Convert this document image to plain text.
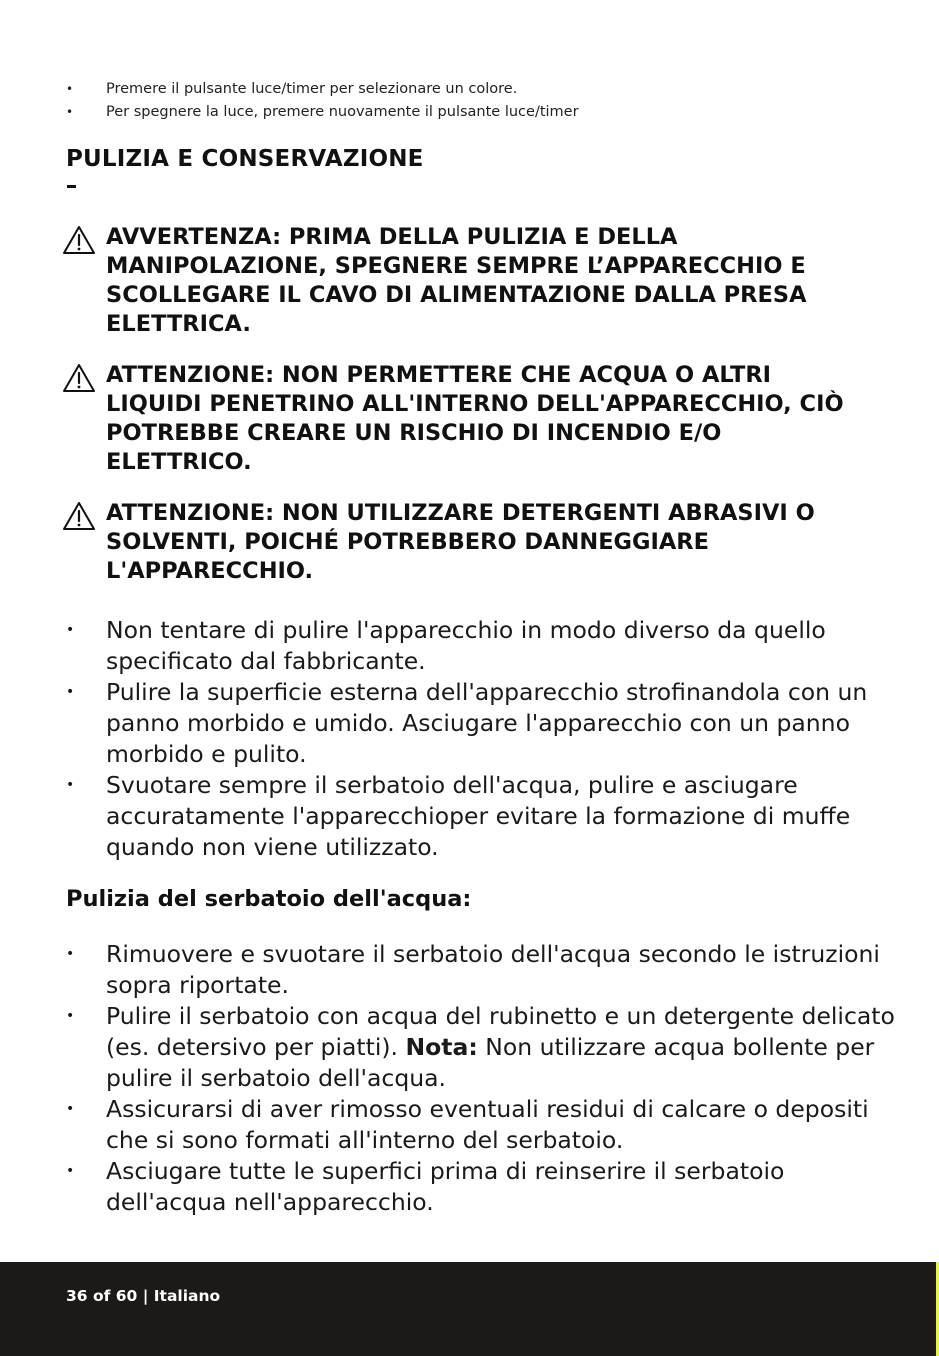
• Premere il pulsante luce/timer per selezionare un colore.
• Per spegnere la luce, premere nuovamente il pulsante luce/timer
PULIZIA E CONSERVAZIONE
AVVERTENZA: PRIMA DELLA PULIZIA E DELLA MANIPOLAZIONE, SPEGNERE SEMPRE L’APPARECCHIO E SCOLLEGARE IL CAVO DI ALIMENTAZIONE DALLA PRESA ELETTRICA.
ATTENZIONE: NON PERMETTERE CHE ACQUA O ALTRI LIQUIDI PENETRINO ALL'INTERNO DELL'APPARECCHIO, CIÒ POTREBBE CREARE UN RISCHIO DI INCENDIO E/O ELETTRICO.
ATTENZIONE: NON UTILIZZARE DETERGENTI ABRASIVI O SOLVENTI, POICHÉ POTREBBERO DANNEGGIARE L'APPARECCHIO.
• Non tentare di pulire l'apparecchio in modo diverso da quello specificato dal fabbricante.
• Pulire la superficie esterna dell'apparecchio strofinandola con un panno morbido e umido. Asciugare l'apparecchio con un panno morbido e pulito.
• Svuotare sempre il serbatoio dell'acqua, pulire e asciugare accuratamente l'apparecchioper evitare la formazione di muffe quando non viene utilizzato.
Pulizia del serbatoio dell'acqua:
• Rimuovere e svuotare il serbatoio dell'acqua secondo le istruzioni sopra riportate.
• Pulire il serbatoio con acqua del rubinetto e un detergente delicato (es. detersivo per piatti). Nota: Non utilizzare acqua bollente per pulire il serbatoio dell'acqua.
• Assicurarsi di aver rimosso eventuali residui di calcare o depositi che si sono formati all'interno del serbatoio.
• Asciugare tutte le superfici prima di reinserire il serbatoio dell'acqua nell'apparecchio.
36 of 60 | Italiano
